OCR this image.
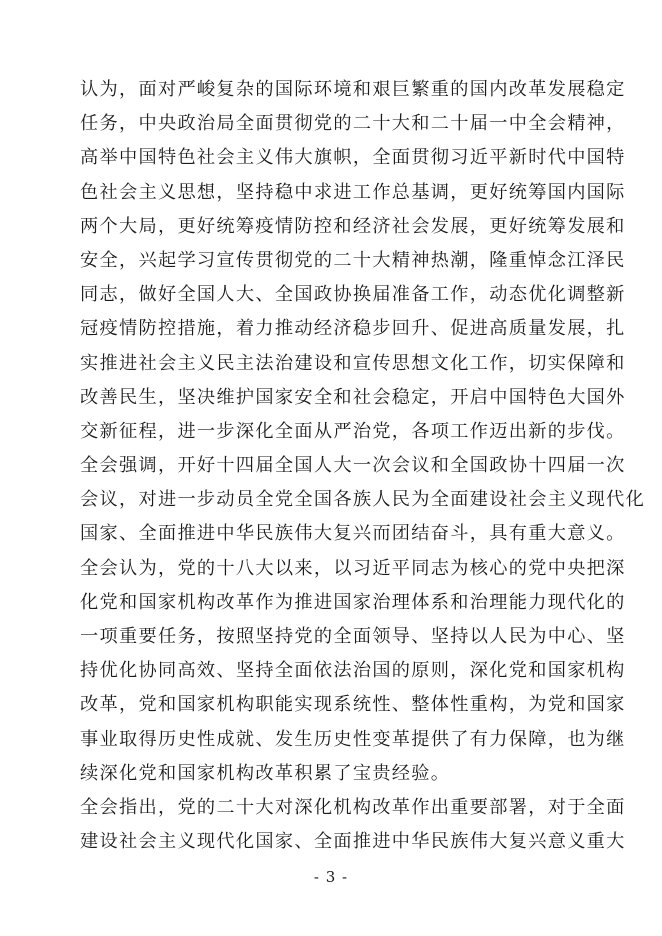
认为，面对严峻复杂的国际环境和艰巨繁重的国内改革发展稳定
任务，中央政治局全面贯彻党的二十大和二十届一中全会精神，
高举中国特色社会主义伟大旗帜，全面贯彻习近平新时代中国特
色社会主义思想，坚持稳中求进工作总基调，更好统筹国内国际
两个大局，更好统筹疫情防控和经济社会发展，更好统筹发展和
安全，兴起学习宣传贯彻党的二十大精神热潮，隆重悼念江泽民
同志，做好全国人大、全国政协换届准备工作，动态优化调整新
冠疫情防控措施，着力推动经济稳步回升、促进高质量发展，扎
实推进社会主义民主法治建设和宣传思想文化工作，切实保障和
改善民生，坚决维护国家安全和社会稳定，开启中国特色大国外
交新征程，进一步深化全面从严治党，各项工作迈出新的步伐。
全会强调，开好十四届全国人大一次会议和全国政协十四届一次
会议，对进一步动员全党全国各族人民为全面建设社会主义现代化
国家、全面推进中华民族伟大复兴而团结奋斗，具有重大意义。
全会认为，党的十八大以来，以习近平同志为核心的党中央把深
化党和国家机构改革作为推进国家治理体系和治理能力现代化的
一项重要任务，按照坚持党的全面领导、坚持以人民为中心、坚
持优化协同高效、坚持全面依法治国的原则，深化党和国家机构
改革，党和国家机构职能实现系统性、整体性重构，为党和国家
事业取得历史性成就、发生历史性变革提供了有力保障，也为继
续深化党和国家机构改革积累了宝贵经验。
全会指出，党的二十大对深化机构改革作出重要部署，对于全面
建设社会主义现代化国家、全面推进中华民族伟大复兴意义重大
- 3 -
